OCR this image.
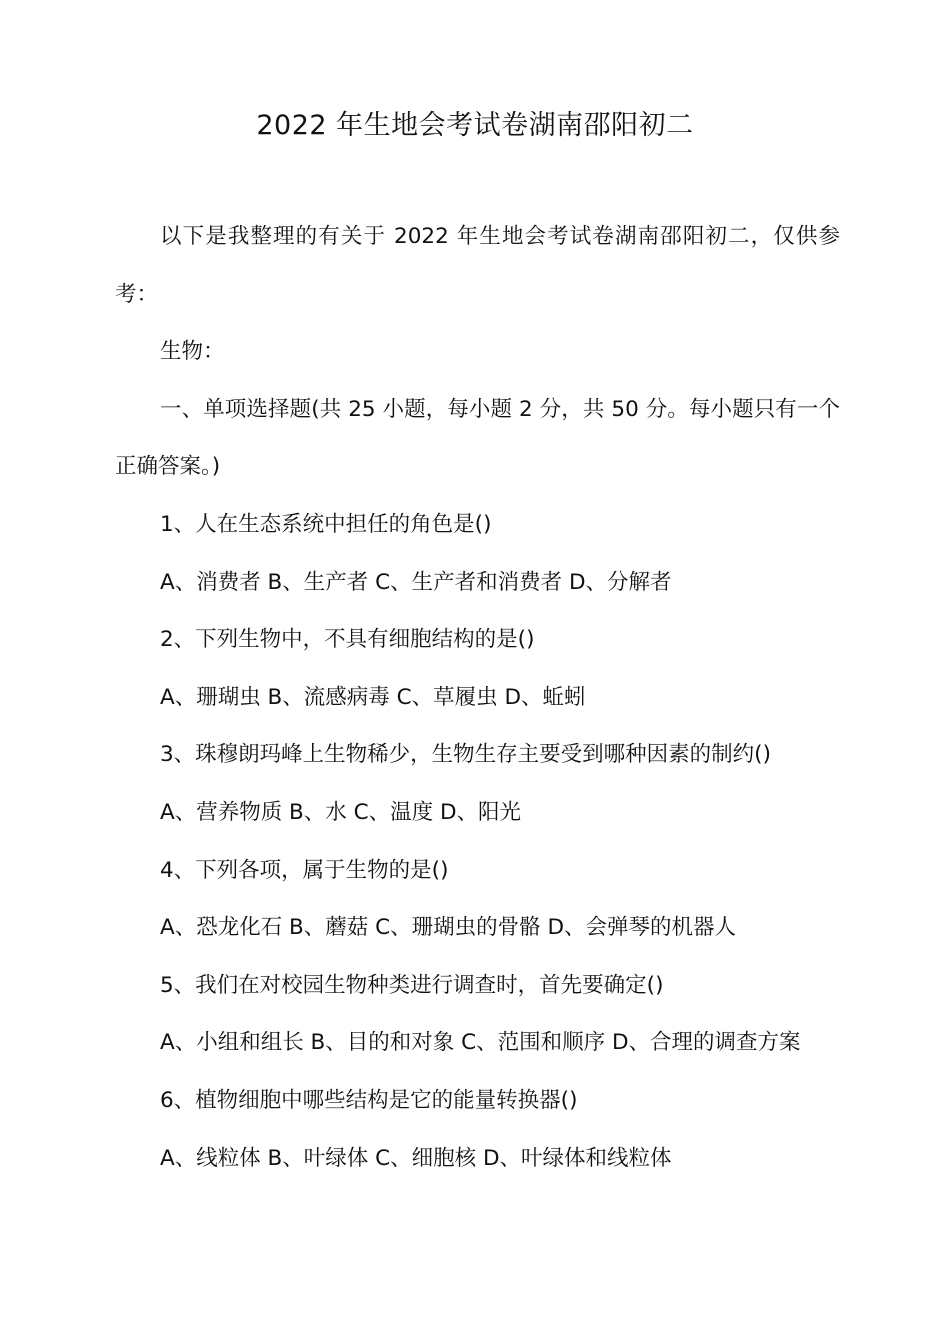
2022 年生地会考试卷湖南邵阳初二

以下是我整理的有关于 2022 年生地会考试卷湖南邵阳初二，仅供参考：

生物：

一、单项选择题(共 25 小题，每小题 2 分，共 50 分。每小题只有一个正确答案。)

1、人在生态系统中担任的角色是()

A、消费者 B、生产者 C、生产者和消费者 D、分解者

2、下列生物中，不具有细胞结构的是()

A、珊瑚虫 B、流感病毒 C、草履虫 D、蚯蚓

3、珠穆朗玛峰上生物稀少，生物生存主要受到哪种因素的制约()

A、营养物质 B、水 C、温度 D、阳光

4、下列各项，属于生物的是()

A、恐龙化石 B、蘑菇 C、珊瑚虫的骨骼 D、会弹琴的机器人

5、我们在对校园生物种类进行调查时，首先要确定()

A、小组和组长 B、目的和对象 C、范围和顺序 D、合理的调查方案

6、植物细胞中哪些结构是它的能量转换器()

A、线粒体 B、叶绿体 C、细胞核 D、叶绿体和线粒体
